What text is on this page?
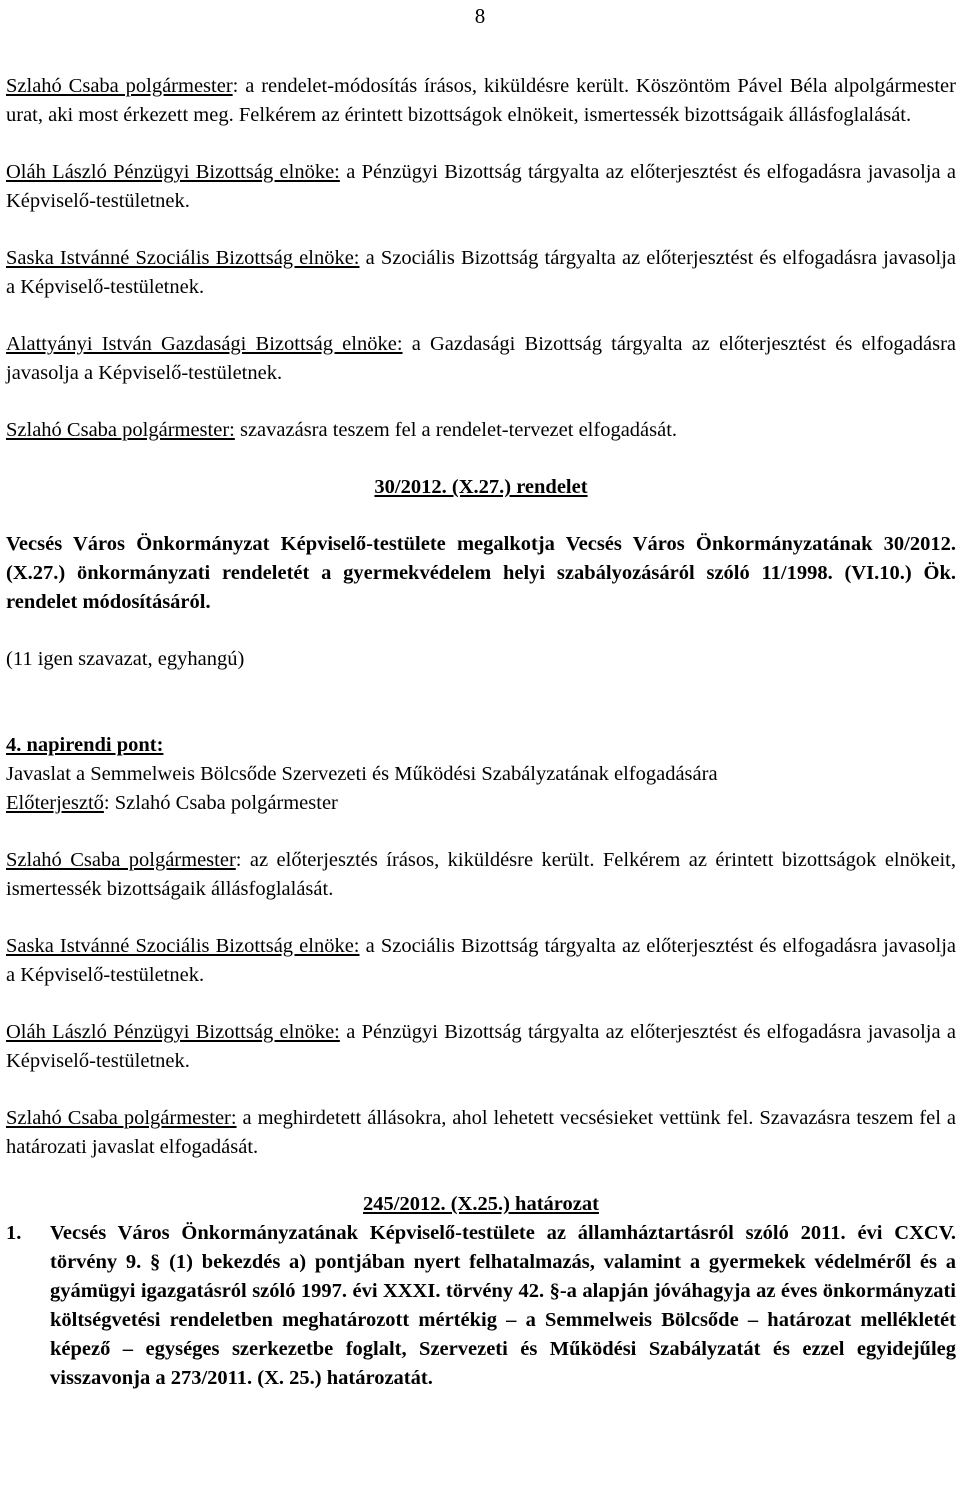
8

Szlahó Csaba polgármester: a rendelet-módosítás írásos, kiküldésre került. Köszöntöm Pável Béla alpolgármester urat, aki most érkezett meg. Felkérem az érintett bizottságok elnökeit, ismertessék bizottságaik állásfoglalását.

Oláh László Pénzügyi Bizottság elnöke: a Pénzügyi Bizottság tárgyalta az előterjesztést és elfogadásra javasolja a Képviselő-testületnek.

Saska Istvánné Szociális Bizottság elnöke: a Szociális Bizottság tárgyalta az előterjesztést és elfogadásra javasolja a Képviselő-testületnek.

Alattyányi István Gazdasági Bizottság elnöke: a Gazdasági Bizottság tárgyalta az előterjesztést és elfogadásra javasolja a Képviselő-testületnek.

Szlahó Csaba polgármester: szavazásra teszem fel a rendelet-tervezet elfogadását.

30/2012. (X.27.) rendelet

Vecsés Város Önkormányzat Képviselő-testülete megalkotja Vecsés Város Önkormányzatának 30/2012. (X.27.) önkormányzati rendeletét a gyermekvédelem helyi szabályozásáról szóló 11/1998. (VI.10.) Ök. rendelet módosításáról.

(11 igen szavazat, egyhangú)

4. napirendi pont:

Javaslat a Semmelweis Bölcsőde Szervezeti és Működési Szabályzatának elfogadására

Előterjesztő: Szlahó Csaba polgármester

Szlahó Csaba polgármester: az előterjesztés írásos, kiküldésre került. Felkérem az érintett bizottságok elnökeit, ismertessék bizottságaik állásfoglalását.

Saska Istvánné Szociális Bizottság elnöke: a Szociális Bizottság tárgyalta az előterjesztést és elfogadásra javasolja a Képviselő-testületnek.

Oláh László Pénzügyi Bizottság elnöke: a Pénzügyi Bizottság tárgyalta az előterjesztést és elfogadásra javasolja a Képviselő-testületnek.

Szlahó Csaba polgármester: a meghirdetett állásokra, ahol lehetett vecsésieket vettünk fel. Szavazásra teszem fel a határozati javaslat elfogadását.

245/2012. (X.25.) határozat

1.	Vecsés Város Önkormányzatának Képviselő-testülete az államháztartásról szóló 2011. évi CXCV. törvény 9. § (1) bekezdés a) pontjában nyert felhatalmazás, valamint a gyermekek védelméről és a gyámügyi igazgatásról szóló 1997. évi XXXI. törvény 42. §-a alapján jóváhagyja az éves önkormányzati költségvetési rendeletben meghatározott mértékig – a Semmelweis Bölcsőde – határozat mellékletét képező – egységes szerkezetbe foglalt, Szervezeti és Működési Szabályzatát és ezzel egyidejűleg visszavonja a 273/2011. (X. 25.) határozatát.
